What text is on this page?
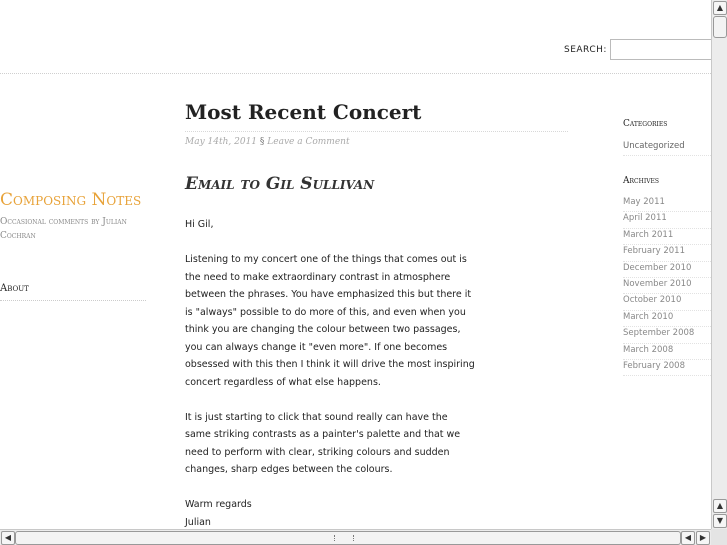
SEARCH:
Composing Notes
Occasional comments by Julian Cochran
About
Most Recent Concert
May 14th, 2011 § Leave a Comment
Email to Gil Sullivan

Hi Gil,

Listening to my concert one of the things that comes out is the need to make extraordinary contrast in atmosphere between the phrases. You have emphasized this but there it is "always" possible to do more of this, and even when you think you are changing the colour between two passages, you can always change it "even more". If one becomes obsessed with this then I think it will drive the most inspiring concert regardless of what else happens.

It is just starting to click that sound really can have the same striking contrasts as a painter's palette and that we need to perform with clear, striking colours and sudden changes, sharp edges between the colours.

Warm regards

Julian

Categories
Uncategorized
Archives
May 2011
April 2011
March 2011
February 2011
December 2010
November 2010
October 2010
March 2010
September 2008
March 2008
February 2008
▲
▲
▼
◀	◀	▶
